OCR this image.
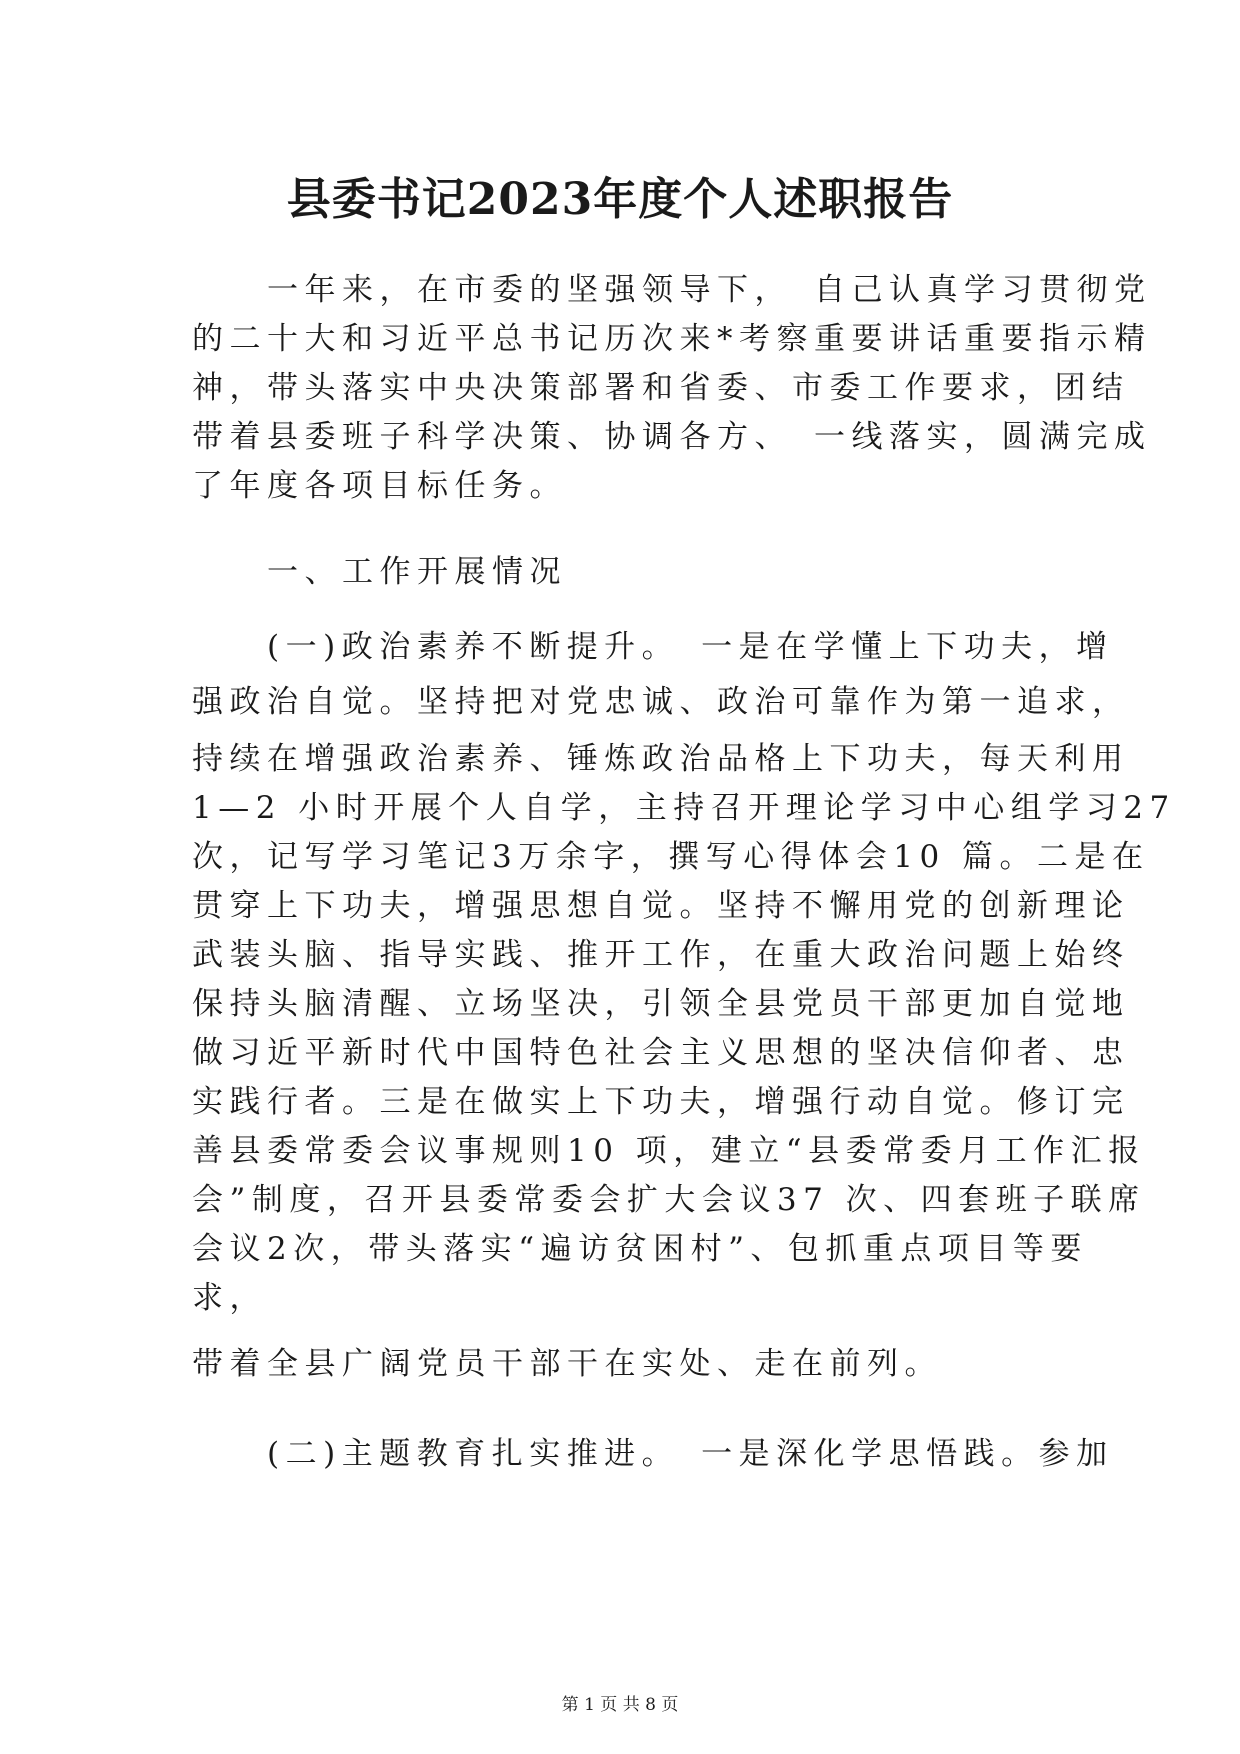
县委书记2023年度个人述职报告

　　一年来，在市委的坚强领导下，　自己认真学习贯彻党

的二十大和习近平总书记历次来*考察重要讲话重要指示精

神，带头落实中央决策部署和省委、市委工作要求，团结

带着县委班子科学决策、协调各方、　一线落实，圆满完成

了年度各项目标任务。

　　一、工作开展情况

　　(一)政治素养不断提升。　一是在学懂上下功夫，增

强政治自觉。坚持把对党忠诚、政治可靠作为第一追求，

持续在增强政治素养、锤炼政治品格上下功夫，每天利用

1—2 小时开展个人自学，主持召开理论学习中心组学习27

次，记写学习笔记3万余字，撰写心得体会10 篇。二是在

贯穿上下功夫，增强思想自觉。坚持不懈用党的创新理论

武装头脑、指导实践、推开工作，在重大政治问题上始终

保持头脑清醒、立场坚决，引领全县党员干部更加自觉地

做习近平新时代中国特色社会主义思想的坚决信仰者、忠

实践行者。三是在做实上下功夫，增强行动自觉。修订完

善县委常委会议事规则10 项，建立“县委常委月工作汇报

会”制度，召开县委常委会扩大会议37 次、四套班子联席

会议2次，带头落实“遍访贫困村”、包抓重点项目等要

求，

带着全县广阔党员干部干在实处、走在前列。

　　(二)主题教育扎实推进。　一是深化学思悟践。参加

第 1 页 共 8 页
